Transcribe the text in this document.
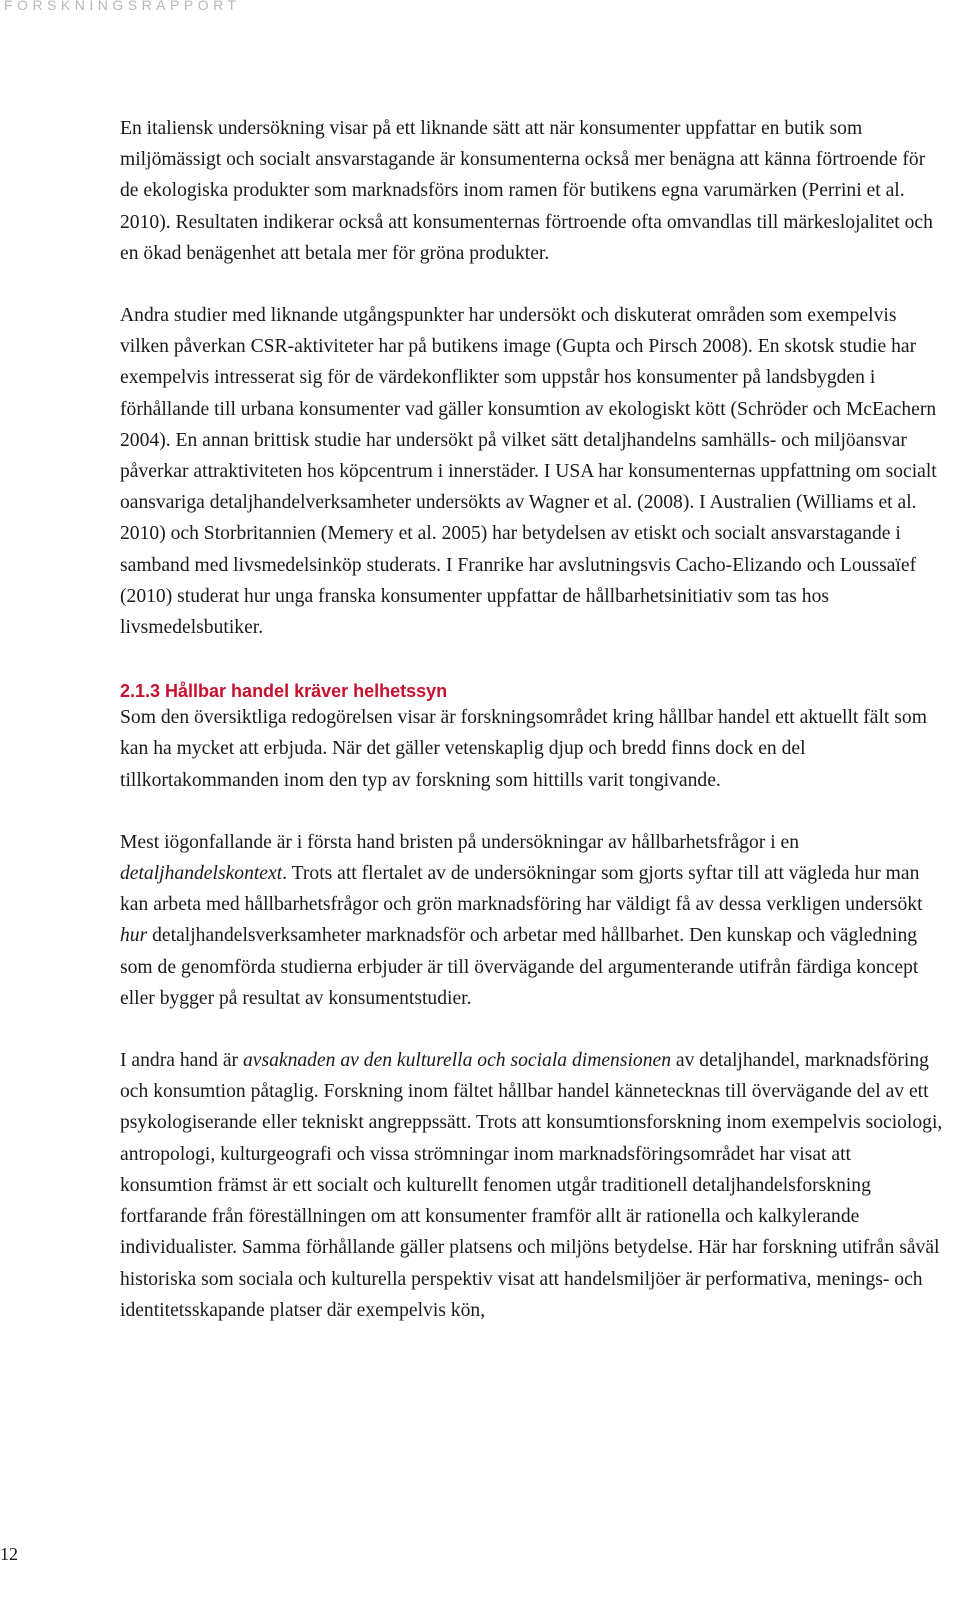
FORSKNINGSRAPPORT

En italiensk undersökning visar på ett liknande sätt att när konsumenter uppfattar en butik som miljömässigt och socialt ansvarstagande är konsumenterna också mer benägna att känna förtroende för de ekologiska produkter som marknadsförs inom ramen för butikens egna varumärken (Perrini et al. 2010). Resultaten indikerar också att konsumenternas förtroende ofta omvandlas till märkeslojalitet och en ökad benägenhet att betala mer för gröna produkter.

Andra studier med liknande utgångspunkter har undersökt och diskuterat områden som exempelvis vilken påverkan CSR-aktiviteter har på butikens image (Gupta och Pirsch 2008). En skotsk studie har exempelvis intresserat sig för de värdekonflikter som uppstår hos konsumenter på landsbygden i förhållande till urbana konsumenter vad gäller konsumtion av ekologiskt kött (Schröder och McEachern 2004). En annan brittisk studie har undersökt på vilket sätt detaljhandelns samhälls- och miljöansvar påverkar attraktiviteten hos köpcentrum i innerstäder. I USA har konsumenternas uppfattning om socialt oansvariga detaljhandelverksamheter undersökts av Wagner et al. (2008). I Australien (Williams et al. 2010) och Storbritannien (Memery et al. 2005) har betydelsen av etiskt och socialt ansvarstagande i samband med livsmedelsinköp studerats. I Franrike har avslutningsvis Cacho-Elizando och Loussaïef (2010) studerat hur unga franska konsumenter uppfattar de hållbarhetsinitiativ som tas hos livsmedelsbutiker.

2.1.3 Hållbar handel kräver helhetssyn

Som den översiktliga redogörelsen visar är forskningsområdet kring hållbar handel ett aktuellt fält som kan ha mycket att erbjuda. När det gäller vetenskaplig djup och bredd finns dock en del tillkortakommanden inom den typ av forskning som hittills varit tongivande.

Mest iögonfallande är i första hand bristen på undersökningar av hållbarhetsfrågor i en detaljhandelskontext. Trots att flertalet av de undersökningar som gjorts syftar till att vägleda hur man kan arbeta med hållbarhetsfrågor och grön marknadsföring har väldigt få av dessa verkligen undersökt hur detaljhandelsverksamheter marknadsför och arbetar med hållbarhet. Den kunskap och vägledning som de genomförda studierna erbjuder är till övervägande del argumenterande utifrån färdiga koncept eller bygger på resultat av konsumentstudier.

I andra hand är avsaknaden av den kulturella och sociala dimensionen av detaljhandel, marknadsföring och konsumtion påtaglig. Forskning inom fältet hållbar handel kännetecknas till övervägande del av ett psykologiserande eller tekniskt angreppssätt. Trots att konsumtionsforskning inom exempelvis sociologi, antropologi, kulturgeografi och vissa strömningar inom marknadsföringsområdet har visat att konsumtion främst är ett socialt och kulturellt fenomen utgår traditionell detaljhandelsforskning fortfarande från föreställningen om att konsumenter framför allt är rationella och kalkylerande individualister. Samma förhållande gäller platsens och miljöns betydelse. Här har forskning utifrån såväl historiska som sociala och kulturella perspektiv visat att handelsmiljöer är performativa, menings- och identitetsskapande platser där exempelvis kön,

12
